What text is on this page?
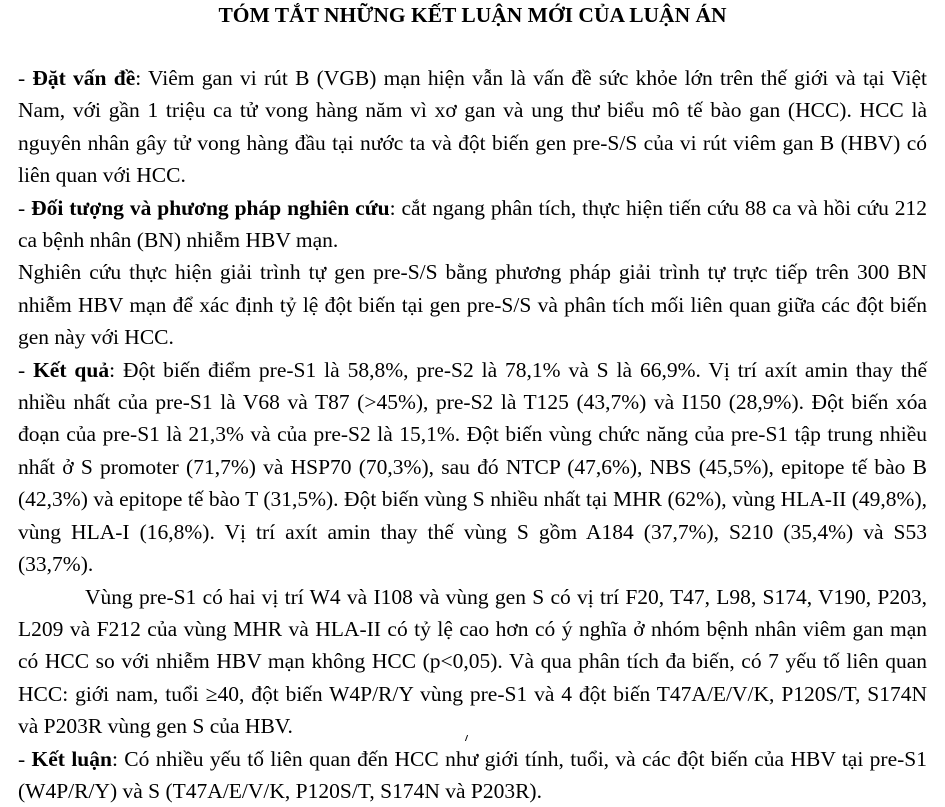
TÓM TẮT NHỮNG KẾT LUẬN MỚI CỦA LUẬN ÁN

- Đặt vấn đề: Viêm gan vi rút B (VGB) mạn hiện vẫn là vấn đề sức khỏe lớn trên thế giới và tại Việt Nam, với gần 1 triệu ca tử vong hàng năm vì xơ gan và ung thư biểu mô tế bào gan (HCC). HCC là nguyên nhân gây tử vong hàng đầu tại nước ta và đột biến gen pre-S/S của vi rút viêm gan B (HBV) có liên quan với HCC.

- Đối tượng và phương pháp nghiên cứu: cắt ngang phân tích, thực hiện tiến cứu 88 ca và hồi cứu 212 ca bệnh nhân (BN) nhiễm HBV mạn.

Nghiên cứu thực hiện giải trình tự gen pre-S/S bằng phương pháp giải trình tự trực tiếp trên 300 BN nhiễm HBV mạn để xác định tỷ lệ đột biến tại gen pre-S/S và phân tích mối liên quan giữa các đột biến gen này với HCC.

- Kết quả: Đột biến điểm pre-S1 là 58,8%, pre-S2 là 78,1% và S là 66,9%. Vị trí axít amin thay thế nhiều nhất của pre-S1 là V68 và T87 (>45%), pre-S2 là T125 (43,7%) và I150 (28,9%). Đột biến xóa đoạn của pre-S1 là 21,3% và của pre-S2 là 15,1%. Đột biến vùng chức năng của pre-S1 tập trung nhiều nhất ở S promoter (71,7%) và HSP70 (70,3%), sau đó NTCP (47,6%), NBS (45,5%), epitope tế bào B (42,3%) và epitope tế bào T (31,5%). Đột biến vùng S nhiều nhất tại MHR (62%), vùng HLA-II (49,8%), vùng HLA-I (16,8%). Vị trí axít amin thay thế vùng S gồm A184 (37,7%), S210 (35,4%) và S53 (33,7%).

Vùng pre-S1 có hai vị trí W4 và I108 và vùng gen S có vị trí F20, T47, L98, S174, V190, P203, L209 và F212 của vùng MHR và HLA-II có tỷ lệ cao hơn có ý nghĩa ở nhóm bệnh nhân viêm gan mạn có HCC so với nhiễm HBV mạn không HCC (p<0,05). Và qua phân tích đa biến, có 7 yếu tố liên quan HCC: giới nam, tuổi ≥40, đột biến W4P/R/Y vùng pre-S1 và 4 đột biến T47A/E/V/K, P120S/T, S174N và P203R vùng gen S của HBV.

- Kết luận: Có nhiều yếu tố liên quan đến HCC như giới tính, tuổi, và các đột biến của HBV tại pre-S1 (W4P/R/Y) và S (T47A/E/V/K, P120S/T, S174N và P203R).
